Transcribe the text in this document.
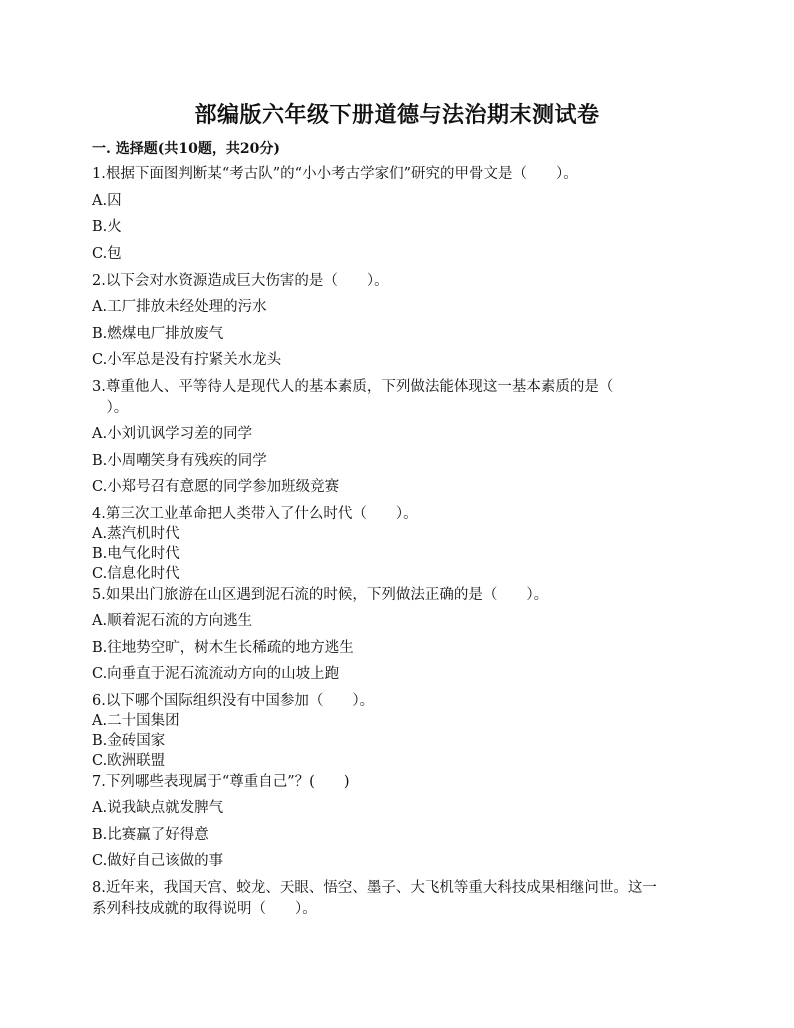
部编版六年级下册道德与法治期末测试卷
一. 选择题(共10题，共20分)
1.根据下面图判断某“考古队”的“小小考古学家们”研究的甲骨文是（　　）。
A.囚
B.火
C.包
2.以下会对水资源造成巨大伤害的是（　　）。
A.工厂排放未经处理的污水
B.燃煤电厂排放废气
C.小军总是没有拧紧关水龙头
3.尊重他人、平等待人是现代人的基本素质，下列做法能体现这一基本素质的是（
　）。
A.小刘讥讽学习差的同学
B.小周嘲笑身有残疾的同学
C.小郑号召有意愿的同学参加班级竞赛
4.第三次工业革命把人类带入了什么时代（　　）。
A.蒸汽机时代
B.电气化时代
C.信息化时代
5.如果出门旅游在山区遇到泥石流的时候，下列做法正确的是（　　）。
A.顺着泥石流的方向逃生
B.往地势空旷，树木生长稀疏的地方逃生
C.向垂直于泥石流流动方向的山坡上跑
6.以下哪个国际组织没有中国参加（　　）。
A.二十国集团
B.金砖国家
C.欧洲联盟
7.下列哪些表现属于“尊重自己”？(　　)
A.说我缺点就发脾气
B.比赛赢了好得意
C.做好自己该做的事
8.近年来，我国天宫、蛟龙、天眼、悟空、墨子、大飞机等重大科技成果相继问世。这一
系列科技成就的取得说明（　　）。
